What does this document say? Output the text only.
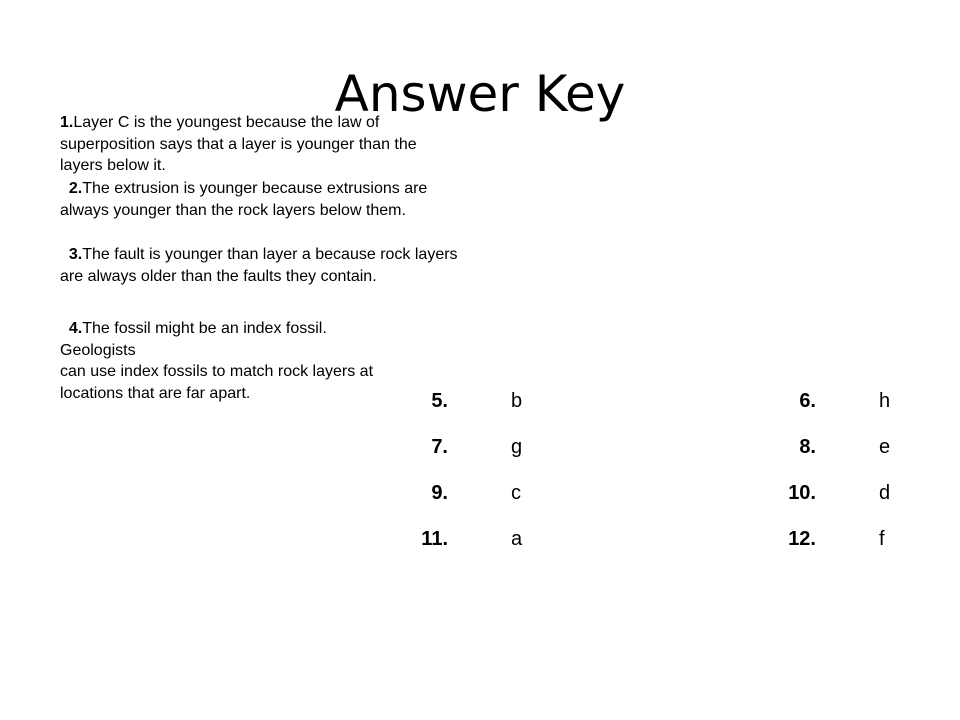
Answer Key

1.Layer C is the youngest because the law of superposition says that a layer is younger than the layers below it.

2.The extrusion is younger because extrusions are always younger than the rock layers below them.

3.The fault is younger than layer a because rock layers are always older than the faults they contain.

4.The fossil might be an index fossil. Geologists
can use index fossils to match rock layers at
locations that are far apart.	5.	b	6.	h
7.	g	8.	e
9.	c	10.	d
11.	a	12.	f
